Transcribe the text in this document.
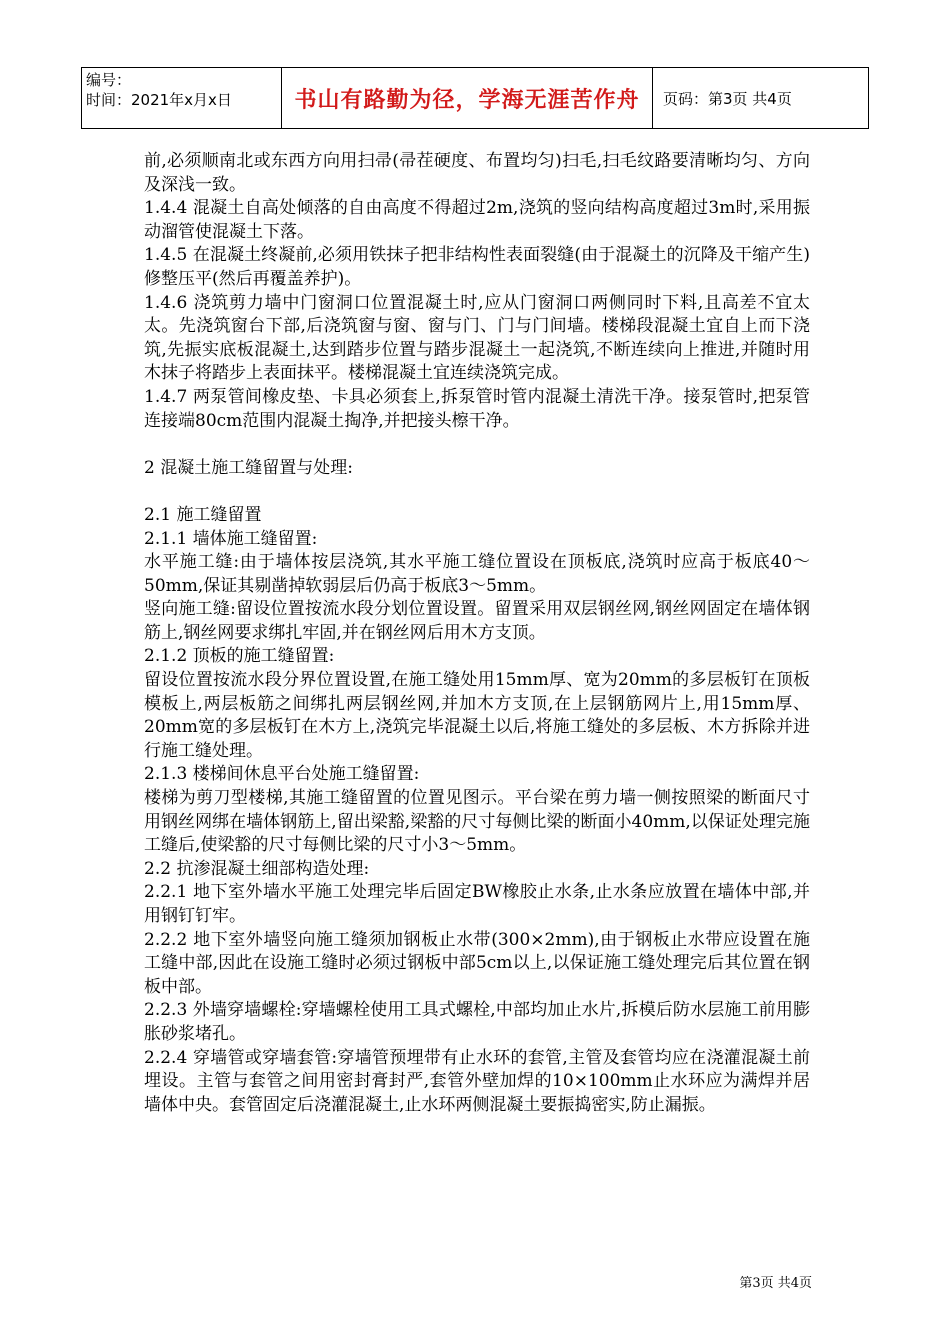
编号：
时间：2021年x月x日	书山有路勤为径，学海无涯苦作舟	页码：第3页 共4页

前,必须顺南北或东西方向用扫帚(帚茬硬度、布置均匀)扫毛,扫毛纹路要清晰均匀、方向及深浅一致。

1.4.4 混凝土自高处倾落的自由高度不得超过2m,浇筑的竖向结构高度超过3m时,采用振动溜管使混凝土下落。

1.4.5 在混凝土终凝前,必须用铁抹子把非结构性表面裂缝(由于混凝土的沉降及干缩产生)修整压平(然后再覆盖养护)。

1.4.6 浇筑剪力墙中门窗洞口位置混凝土时,应从门窗洞口两侧同时下料,且高差不宜太太。先浇筑窗台下部,后浇筑窗与窗、窗与门、门与门间墙。楼梯段混凝土宜自上而下浇筑,先振实底板混凝土,达到踏步位置与踏步混凝土一起浇筑,不断连续向上推进,并随时用木抹子将踏步上表面抹平。楼梯混凝土宜连续浇筑完成。

1.4.7 两泵管间橡皮垫、卡具必须套上,拆泵管时管内混凝土清洗干净。接泵管时,把泵管连接端80cm范围内混凝土掏净,并把接头檫干净。

2 混凝土施工缝留置与处理:

2.1 施工缝留置

2.1.1 墙体施工缝留置:

水平施工缝:由于墙体按层浇筑,其水平施工缝位置设在顶板底,浇筑时应高于板底40～50mm,保证其剔凿掉软弱层后仍高于板底3～5mm。

竖向施工缝:留设位置按流水段分划位置设置。留置采用双层钢丝网,钢丝网固定在墙体钢筋上,钢丝网要求绑扎牢固,并在钢丝网后用木方支顶。

2.1.2 顶板的施工缝留置:

留设位置按流水段分界位置设置,在施工缝处用15mm厚、宽为20mm的多层板钉在顶板模板上,两层板筋之间绑扎两层钢丝网,并加木方支顶,在上层钢筋网片上,用15mm厚、20mm宽的多层板钉在木方上,浇筑完毕混凝土以后,将施工缝处的多层板、木方拆除并进行施工缝处理。

2.1.3 楼梯间休息平台处施工缝留置:

楼梯为剪刀型楼梯,其施工缝留置的位置见图示。平台梁在剪力墙一侧按照梁的断面尺寸用钢丝网绑在墙体钢筋上,留出梁豁,梁豁的尺寸每侧比梁的断面小40mm,以保证处理完施工缝后,使梁豁的尺寸每侧比梁的尺寸小3～5mm。

2.2 抗渗混凝土细部构造处理:

2.2.1 地下室外墙水平施工处理完毕后固定BW橡胶止水条,止水条应放置在墙体中部,并用钢钉钉牢。

2.2.2 地下室外墙竖向施工缝须加钢板止水带(300×2mm),由于钢板止水带应设置在施工缝中部,因此在设施工缝时必须过钢板中部5cm以上,以保证施工缝处理完后其位置在钢板中部。

2.2.3 外墙穿墙螺栓:穿墙螺栓使用工具式螺栓,中部均加止水片,拆模后防水层施工前用膨胀砂浆堵孔。

2.2.4 穿墙管或穿墙套管:穿墙管预埋带有止水环的套管,主管及套管均应在浇灌混凝土前埋设。主管与套管之间用密封膏封严,套管外壁加焊的10×100mm止水环应为满焊并居墙体中央。套管固定后浇灌混凝土,止水环两侧混凝土要振捣密实,防止漏振。

第3页 共4页
